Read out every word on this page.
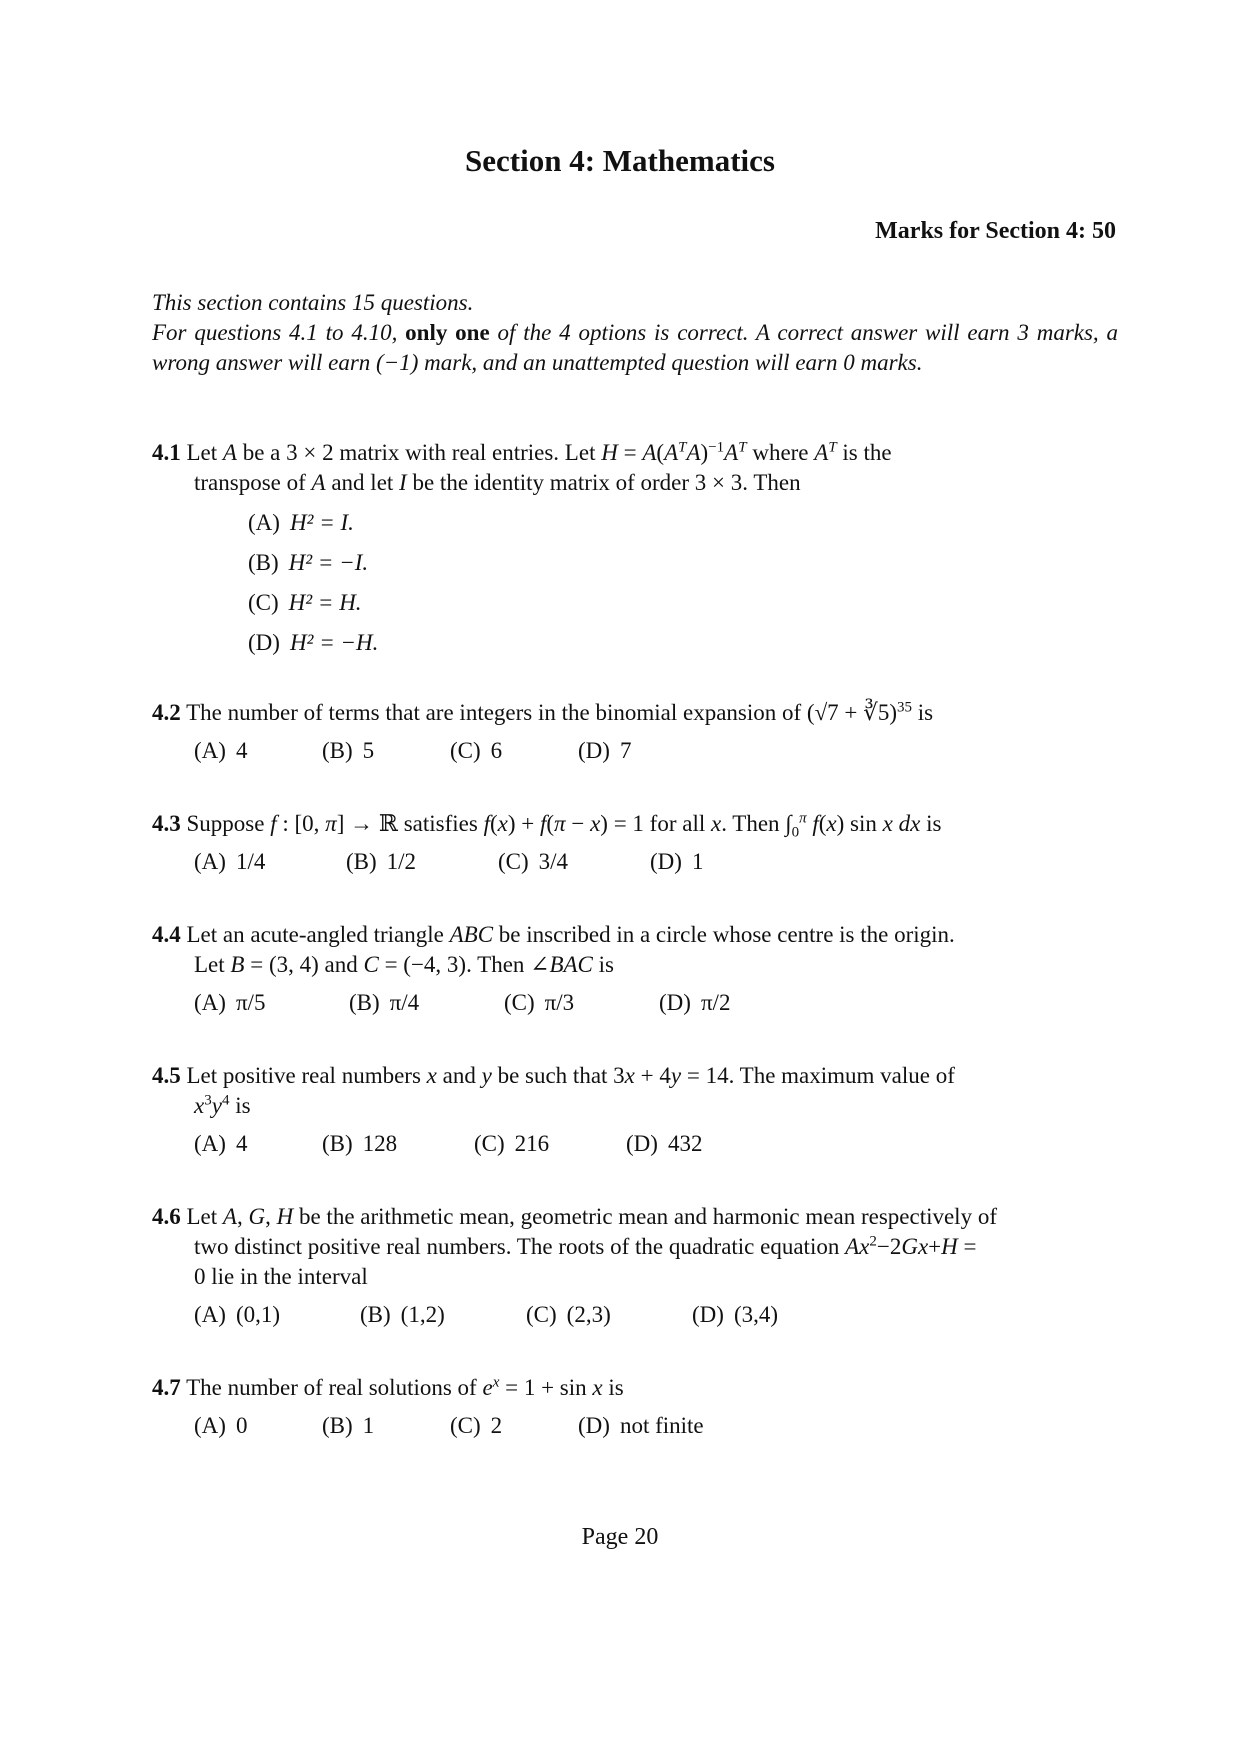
Section 4: Mathematics
Marks for Section 4: 50
This section contains 15 questions.
For questions 4.1 to 4.10, only one of the 4 options is correct. A correct answer will earn 3 marks, a wrong answer will earn (−1) mark, and an unattempted question will earn 0 marks.
4.1 Let A be a 3 × 2 matrix with real entries. Let $H = A(A^TA)^{-1}A^T$ where $A^T$ is the
transpose of A and let I be the identity matrix of order 3 × 3. Then
(A) H² = I.
(B) H² = −I.
(C) H² = H.
(D) H² = −H.
4.2 The number of terms that are integers in the binomial expansion of (√7 + ∛5)$^{35}$ is
(A) 4	(B) 5	(C) 6	(D) 7
4.3 Suppose f : [0, π] → ℝ satisfies f(x) + f(π − x) = 1 for all x. Then $\int_0^\pi$ f(x) sin x dx is
(A) 1/4	(B) 1/2	(C) 3/4	(D) 1
4.4 Let an acute-angled triangle ABC be inscribed in a circle whose centre is the origin.
Let B = (3, 4) and C = (−4, 3). Then ∠BAC is
(A) π/5	(B) π/4	(C) π/3	(D) π/2
4.5 Let positive real numbers x and y be such that 3x + 4y = 14. The maximum value of
$x^3y^4$ is
(A) 4	(B) 128	(C) 216	(D) 432
4.6 Let A, G, H be the arithmetic mean, geometric mean and harmonic mean respectively of
two distinct positive real numbers. The roots of the quadratic equation $Ax^2-2Gx+H$ =
0 lie in the interval
(A) (0,1)	(B) (1,2)	(C) (2,3)	(D) (3,4)
4.7 The number of real solutions of $e^x = 1 + \sin x$ is
(A) 0	(B) 1	(C) 2	(D) not finite
Page 20
